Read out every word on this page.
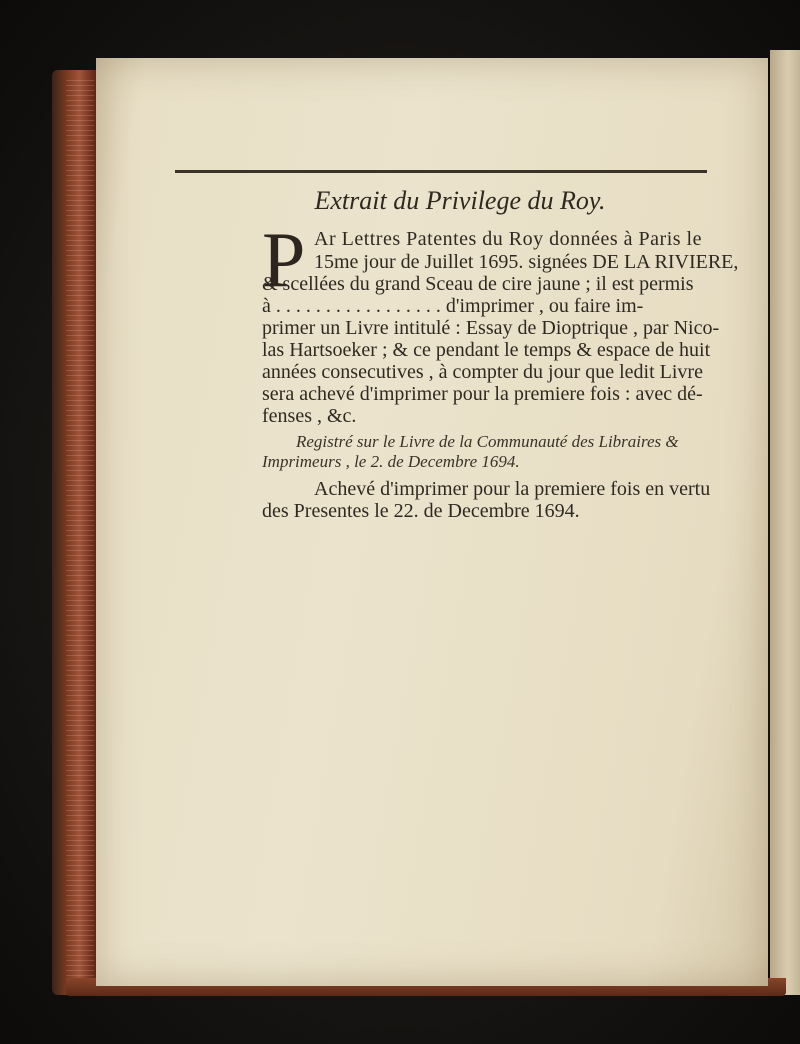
Extrait du Privilege du Roy.
P Ar Lettres Patentes du Roy données à Paris le
15me jour de Juillet 1695. signées DE LA RIVIERE,
& scellées du grand Sceau de cire jaune ; il est permis
à . . . . . . . . . . . . . . . . . d'imprimer , ou faire im-
primer un Livre intitulé : Essay de Dioptrique , par Nico-
las Hartsoeker ; & ce pendant le temps & espace de huit
années consecutives , à compter du jour que ledit Livre
sera achevé d'imprimer pour la premiere fois : avec dé-
Registré sur le Livre de la Communauté des Libraires &
Imprimeurs , le 2. de Decembre 1694.
Achevé d'imprimer pour la premiere fois en vertu
des Presentes le 22. de Decembre 1694.
fenses , &c.
